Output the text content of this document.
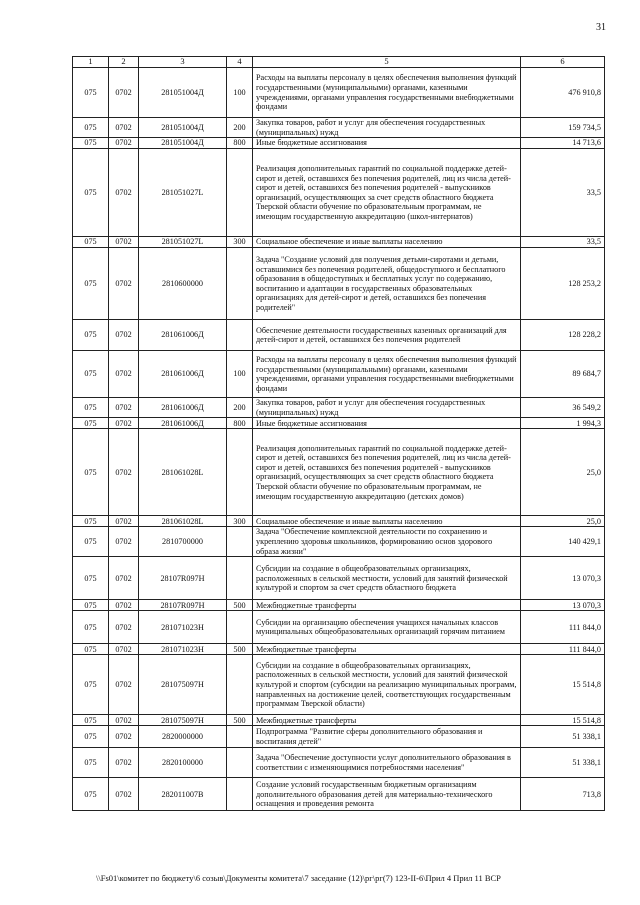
31
1	2	3	4	5	6
075	0702	281051004Д	100	Расходы на выплаты персоналу в целях обеспечения выполнения функций государственными (муниципальными) органами, казенными учреждениями, органами управления государственными внебюджетными фондами	476 910,8
075	0702	281051004Д	200	Закупка товаров, работ и услуг для обеспечения государственных (муниципальных) нужд	159 734,5
075	0702	281051004Д	800	Иные бюджетные ассигнования	14 713,6
075	0702	281051027L		Реализация дополнительных гарантий по социальной поддержке детей-сирот и детей, оставшихся без попечения родителей, лиц из числа детей-сирот и детей, оставшихся без попечения родителей - выпускников организаций, осуществляющих за счет средств областного бюджета Тверской области обучение по образовательным программам, не имеющим государственную аккредитацию (школ-интернатов)	33,5
075	0702	281051027L	300	Социальное обеспечение и иные выплаты населению	33,5
075	0702	2810600000		Задача "Создание условий для получения детьми-сиротами и детьми, оставшимися без попечения родителей, общедоступного и бесплатного образования в общедоступных и бесплатных услуг по содержанию, воспитанию и адаптации в государственных образовательных организациях для детей-сирот и детей, оставшихся без попечения родителей"	128 253,2
075	0702	281061006Д		Обеспечение деятельности государственных казенных организаций для детей-сирот и детей, оставшихся без попечения родителей	128 228,2
075	0702	281061006Д	100	Расходы на выплаты персоналу в целях обеспечения выполнения функций государственными (муниципальными) органами, казенными учреждениями, органами управления государственными внебюджетными фондами	89 684,7
075	0702	281061006Д	200	Закупка товаров, работ и услуг для обеспечения государственных (муниципальных) нужд	36 549,2
075	0702	281061006Д	800	Иные бюджетные ассигнования	1 994,3
075	0702	281061028L		Реализация дополнительных гарантий по социальной поддержке детей-сирот и детей, оставшихся без попечения родителей, лиц из числа детей-сирот и детей, оставшихся без попечения родителей - выпускников организаций, осуществляющих за счет средств областного бюджета Тверской области обучение по образовательным программам, не имеющим государственную аккредитацию (детских домов)	25,0
075	0702	281061028L	300	Социальное обеспечение и иные выплаты населению	25,0
075	0702	2810700000		Задача "Обеспечение комплексной деятельности по сохранению и укреплению здоровья школьников, формированию основ здорового образа жизни"	140 429,1
075	0702	28107R097H		Субсидии на создание в общеобразовательных организациях, расположенных в сельской местности, условий для занятий физической культурой и спортом за счет средств областного бюджета	13 070,3
075	0702	28107R097H	500	Межбюджетные трансферты	13 070,3
075	0702	281071023H		Субсидии на организацию обеспечения учащихся начальных классов муниципальных общеобразовательных организаций горячим питанием	111 844,0
075	0702	281071023H	500	Межбюджетные трансферты	111 844,0
075	0702	281075097H		Субсидии на создание в общеобразовательных организациях, расположенных в сельской местности, условий для занятий физической культурой и спортом (субсидии на реализацию муниципальных программ, направленных на достижение целей, соответствующих государственным программам Тверской области)	15 514,8
075	0702	281075097H	500	Межбюджетные трансферты	15 514,8
075	0702	2820000000		Подпрограмма "Развитие сферы дополнительного образования и воспитания детей"	51 338,1
075	0702	2820100000		Задача "Обеспечение доступности услуг дополнительного образования в соответствии с изменяющимися потребностями населения"	51 338,1
075	0702	282011007В		Создание условий государственным бюджетным организациям дополнительного образования детей для материально-технического оснащения и проведения ремонта	713,8
\\Fs01\комитет по бюджету\6 созыв\Документы комитета\7 заседание (12)\рг\рг(7) 123-II-6\Прил 4 Прил 11 ВСР
